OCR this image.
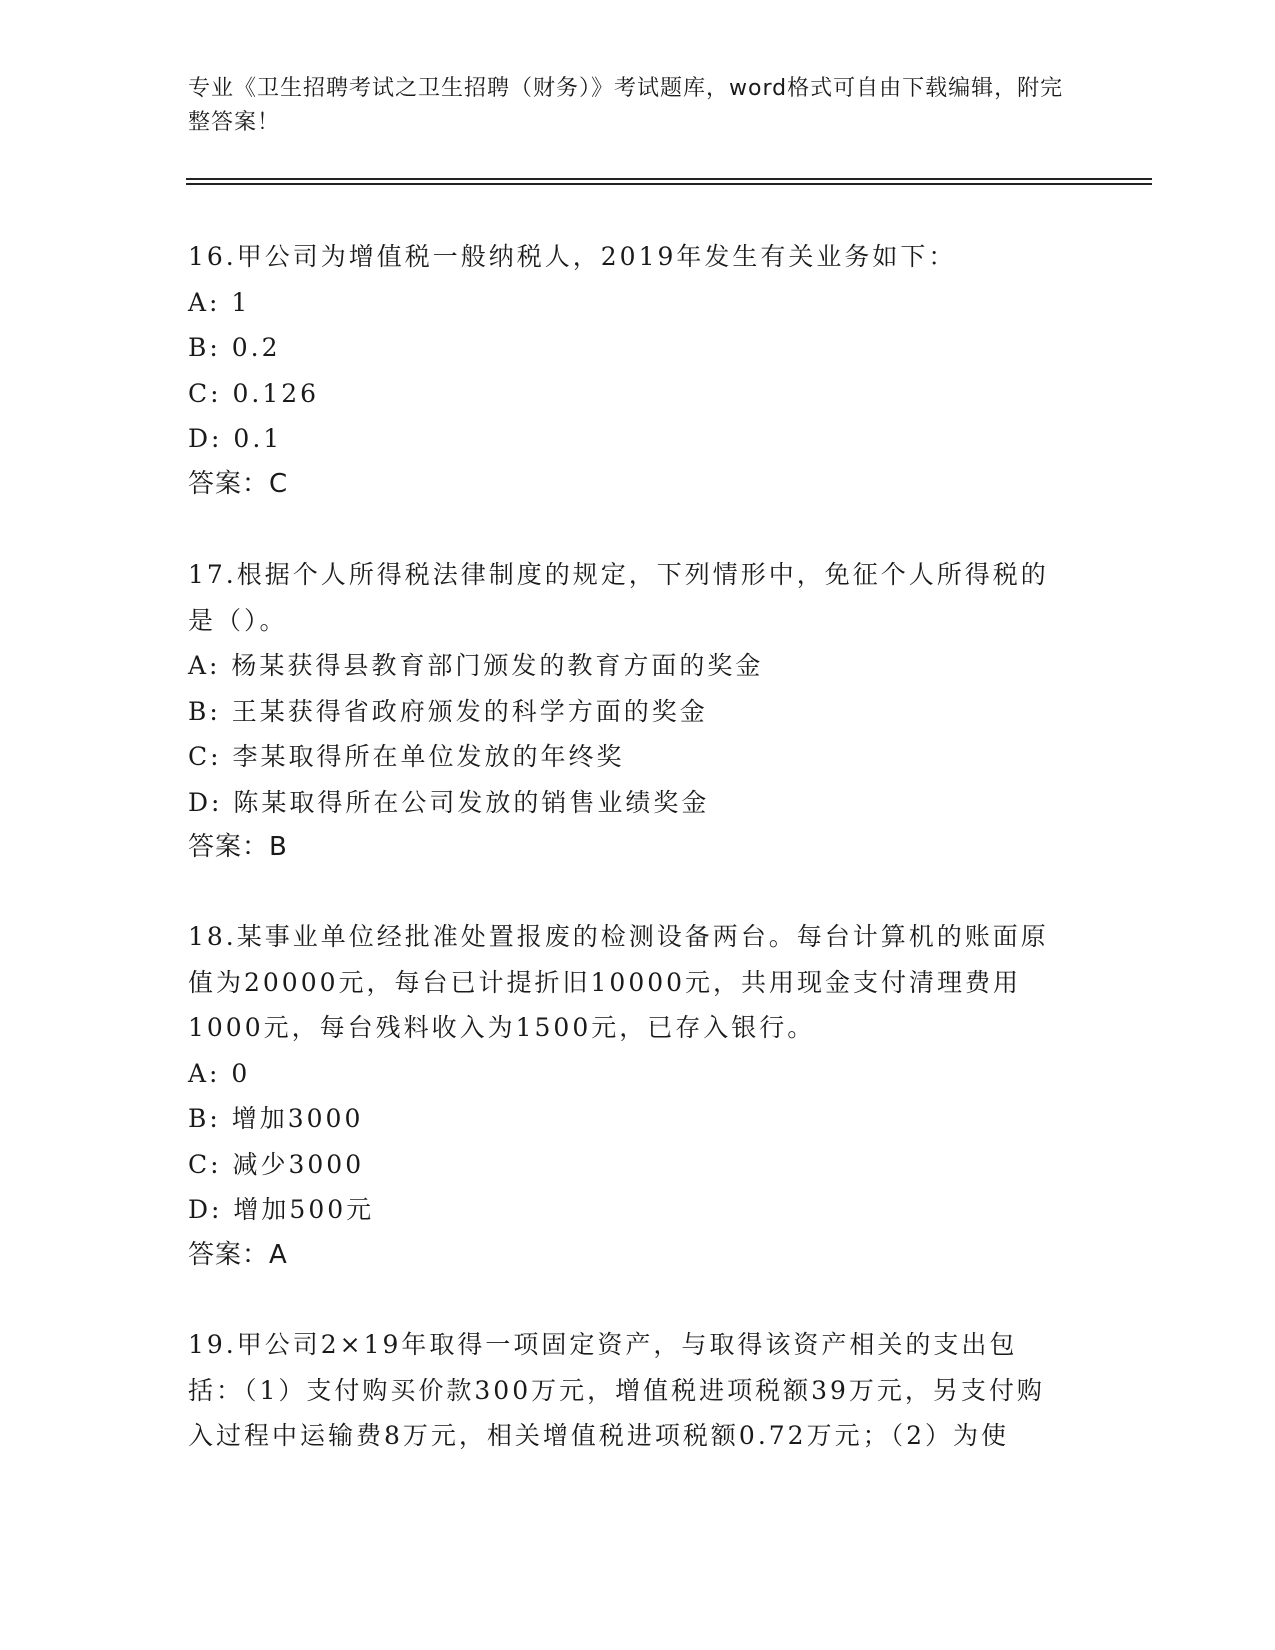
专业《卫生招聘考试之卫生招聘（财务）》考试题库，word格式可自由下载编辑，附完整答案！

16.甲公司为增值税一般纳税人，2019年发生有关业务如下：

A: 1

B: 0.2

C: 0.126

D: 0.1

答案：C

17.根据个人所得税法律制度的规定，下列情形中，免征个人所得税的是（）。

A: 杨某获得县教育部门颁发的教育方面的奖金

B: 王某获得省政府颁发的科学方面的奖金

C: 李某取得所在单位发放的年终奖

D: 陈某取得所在公司发放的销售业绩奖金

答案：B

18.某事业单位经批准处置报废的检测设备两台。每台计算机的账面原值为20000元，每台已计提折旧10000元，共用现金支付清理费用1000元，每台残料收入为1500元，已存入银行。

A: 0

B: 增加3000

C: 减少3000

D: 增加500元

答案：A

19.甲公司2×19年取得一项固定资产，与取得该资产相关的支出包括：（1）支付购买价款300万元，增值税进项税额39万元，另支付购入过程中运输费8万元，相关增值税进项税额0.72万元；（2）为使
